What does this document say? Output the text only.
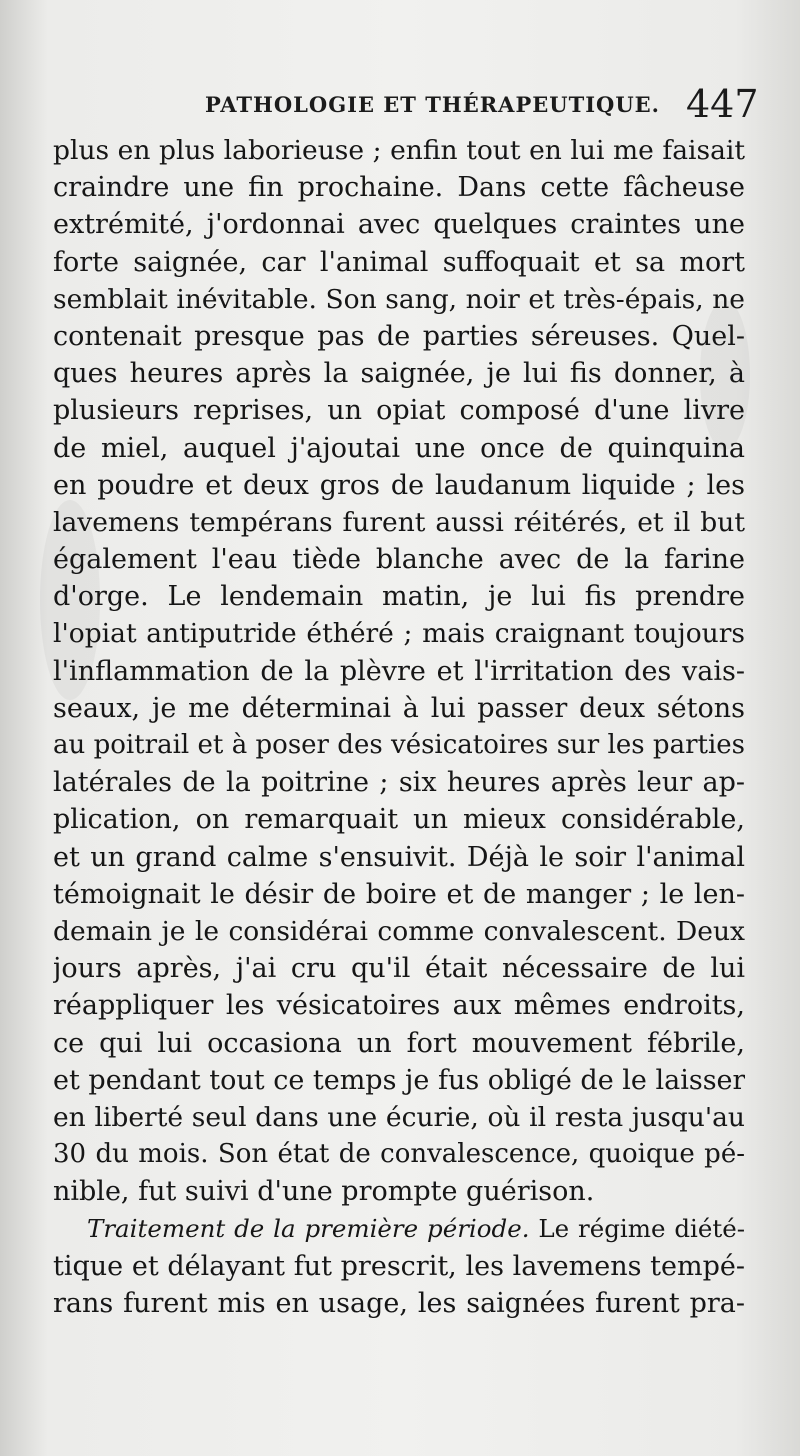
PATHOLOGIE ET THÉRAPEUTIQUE. 447
plus en plus laborieuse ; enfin tout en lui me faisait
craindre une fin prochaine. Dans cette fâcheuse
extrémité, j'ordonnai avec quelques craintes une
forte saignée, car l'animal suffoquait et sa mort
semblait inévitable. Son sang, noir et très-épais, ne
contenait presque pas de parties séreuses. Quel-
ques heures après la saignée, je lui fis donner, à
plusieurs reprises, un opiat composé d'une livre
de miel, auquel j'ajoutai une once de quinquina
en poudre et deux gros de laudanum liquide ; les
lavemens tempérans furent aussi réitérés, et il but
également l'eau tiède blanche avec de la farine
d'orge. Le lendemain matin, je lui fis prendre
l'opiat antiputride éthéré ; mais craignant toujours
l'inflammation de la plèvre et l'irritation des vais-
seaux, je me déterminai à lui passer deux sétons
au poitrail et à poser des vésicatoires sur les parties
latérales de la poitrine ; six heures après leur ap-
plication, on remarquait un mieux considérable,
et un grand calme s'ensuivit. Déjà le soir l'animal
témoignait le désir de boire et de manger ; le len-
demain je le considérai comme convalescent. Deux
jours après, j'ai cru qu'il était nécessaire de lui
réappliquer les vésicatoires aux mêmes endroits,
ce qui lui occasiona un fort mouvement fébrile,
et pendant tout ce temps je fus obligé de le laisser
en liberté seul dans une écurie, où il resta jusqu'au
30 du mois. Son état de convalescence, quoique pé-
nible, fut suivi d'une prompte guérison.
Traitement de la première période. Le régime diété-
tique et délayant fut prescrit, les lavemens tempé-
rans furent mis en usage, les saignées furent pra-
